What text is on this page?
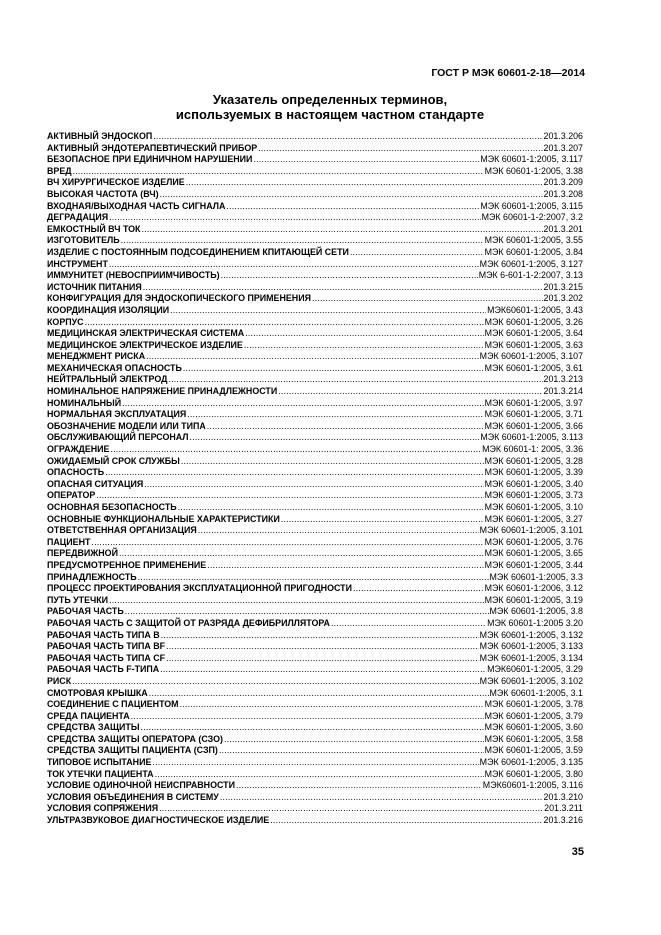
ГОСТ Р МЭК 60601-2-18—2014
Указатель определенных терминов,
используемых в настоящем частном стандарте
АКТИВНЫЙ ЭНДОСКОП .....	201.3.206
АКТИВНЫЙ ЭНДОТЕРАПЕВТИЧЕСКИЙ ПРИБОР .....	201.3.207
БЕЗОПАСНОЕ ПРИ ЕДИНИЧНОМ НАРУШЕНИИ .....	МЭК 60601-1:2005, 3.117
ВРЕД .....	МЭК 60601-1:2005, 3.38
ВЧ ХИРУРГИЧЕСКОЕ ИЗДЕЛИЕ .....	201.3.209
ВЫСОКАЯ ЧАСТОТА (ВЧ) .....	201.3.208
ВХОДНАЯ/ВЫХОДНАЯ ЧАСТЬ СИГНАЛА .....	МЭК 60601-1:2005, 3.115
ДЕГРАДАЦИЯ .....	МЭК 60601-1-2:2007, 3.2
ЕМКОСТНЫЙ ВЧ ТОК .....	201.3.201
ИЗГОТОВИТЕЛЬ .....	МЭК 60601-1:2005, 3.55
ИЗДЕЛИЕ С ПОСТОЯННЫМ ПОДСОЕДИНЕНИЕМ КПИТАЮЩЕЙ СЕТИ .....	МЭК 60601-1:2005, 3.84
ИНСТРУМЕНТ .....	МЭК 60601-1:2005, 3.127
ИММУНИТЕТ (НЕВОСПРИИМЧИВОСТЬ) .....	МЭК 6-601-1-2:2007, 3.13
ИСТОЧНИК ПИТАНИЯ .....	201.3.215
КОНФИГУРАЦИЯ ДЛЯ ЭНДОСКОПИЧЕСКОГО ПРИМЕНЕНИЯ .....	201.3.202
КООРДИНАЦИЯ ИЗОЛЯЦИИ .....	МЭК60601-1:2005, 3.43
КОРПУС .....	МЭК 60601-1:2005, 3.26
МЕДИЦИНСКАЯ ЭЛЕКТРИЧЕСКАЯ СИСТЕМА .....	МЭК 60601-1:2005, 3.64
МЕДИЦИНСКОЕ ЭЛЕКТРИЧЕСКОЕ ИЗДЕЛИЕ .....	МЭК 60601-1:2005, 3.63
МЕНЕДЖМЕНТ РИСКА .....	МЭК 60601-1:2005, 3.107
МЕХАНИЧЕСКАЯ ОПАСНОСТЬ .....	МЭК 60601-1:2005, 3.61
НЕЙТРАЛЬНЫЙ ЭЛЕКТРОД .....	201.3.213
НОМИНАЛЬНОЕ НАПРЯЖЕНИЕ ПРИНАДЛЕЖНОСТИ .....	201.3.214
НОМИНАЛЬНЫЙ .....	МЭК 60601-1:2005, 3.97
НОРМАЛЬНАЯ ЭКСПЛУАТАЦИЯ .....	МЭК 60601-1:2005, 3.71
ОБОЗНАЧЕНИЕ МОДЕЛИ ИЛИ ТИПА .....	МЭК 60601-1:2005, 3.66
ОБСЛУЖИВАЮЩИЙ ПЕРСОНАЛ .....	МЭК 60601-1:2005, 3.113
ОГРАЖДЕНИЕ .....	МЭК 60601-1: 2005, 3.36
ОЖИДАЕМЫЙ СРОК СЛУЖБЫ .....	МЭК 60601-1:2005, 3.28
ОПАСНОСТЬ .....	МЭК 60601-1:2005, 3.39
ОПАСНАЯ СИТУАЦИЯ .....	МЭК 60601-1:2005, 3.40
ОПЕРАТОР .....	МЭК 60601-1:2005, 3.73
ОСНОВНАЯ БЕЗОПАСНОСТЬ .....	МЭК 60601-1:2005, 3.10
ОСНОВНЫЕ ФУНКЦИОНАЛЬНЫЕ ХАРАКТЕРИСТИКИ .....	МЭК 60601-1:2005, 3.27
ОТВЕТСТВЕННАЯ ОРГАНИЗАЦИЯ .....	МЭК 60601-1:2005, 3.101
ПАЦИЕНТ .....	МЭК 60601-1:2005, 3.76
ПЕРЕДВИЖНОЙ .....	МЭК 60601-1:2005, 3.65
ПРЕДУСМОТРЕННОЕ ПРИМЕНЕНИЕ .....	МЭК 60601-1:2005, 3.44
ПРИНАДЛЕЖНОСТЬ .....	МЭК 60601-1:2005, 3.3
ПРОЦЕСС ПРОЕКТИРОВАНИЯ ЭКСПЛУАТАЦИОННОЙ ПРИГОДНОСТИ .....	МЭК 60601-1:2006, 3.12
ПУТЬ УТЕЧКИ .....	МЭК 60601-1:2005, 3.19
РАБОЧАЯ ЧАСТЬ .....	МЭК 60601-1:2005, 3.8
РАБОЧАЯ ЧАСТЬ С ЗАЩИТОЙ ОТ РАЗРЯДА ДЕФИБРИЛЛЯТОРА .....	МЭК 60601-1:2005 3.20
РАБОЧАЯ ЧАСТЬ ТИПА B .....	МЭК 60601-1:2005, 3.132
РАБОЧАЯ ЧАСТЬ ТИПА BF .....	МЭК 60601-1:2005, 3.133
РАБОЧАЯ ЧАСТЬ ТИПА CF .....	МЭК 60601-1:2005, 3.134
РАБОЧАЯ ЧАСТЬ F-ТИПА .....	МЭК60601-1:2005, 3.29
РИСК .....	МЭК 60601-1:2005, 3.102
СМОТРОВАЯ КРЫШКА .....	МЭК 60601-1:2005, 3.1
СОЕДИНЕНИЕ С ПАЦИЕНТОМ .....	МЭК 60601-1:2005, 3.78
СРЕДА ПАЦИЕНТА .....	МЭК 60601-1:2005, 3.79
СРЕДСТВА ЗАЩИТЫ .....	МЭК 60601-1:2005, 3.60
СРЕДСТВА ЗАЩИТЫ ОПЕРАТОРА (СЗО) .....	МЭК 60601-1:2005, 3.58
СРЕДСТВА ЗАЩИТЫ ПАЦИЕНТА (СЗП) .....	МЭК 60601-1:2005, 3.59
ТИПОВОЕ ИСПЫТАНИЕ .....	МЭК 60601-1:2005, 3.135
ТОК УТЕЧКИ ПАЦИЕНТА .....	МЭК 60601-1:2005, 3.80
УСЛОВИЕ ОДИНОЧНОЙ НЕИСПРАВНОСТИ .....	МЭК60601-1:2005, 3.116
УСЛОВИЯ ОБЪЕДИНЕНИЯ В СИСТЕМУ .....	201.3.210
УСЛОВИЯ СОПРЯЖЕНИЯ .....	201.3.211
УЛЬТРАЗВУКОВОЕ ДИАГНОСТИЧЕСКОЕ ИЗДЕЛИЕ .....	201.3.216
35
